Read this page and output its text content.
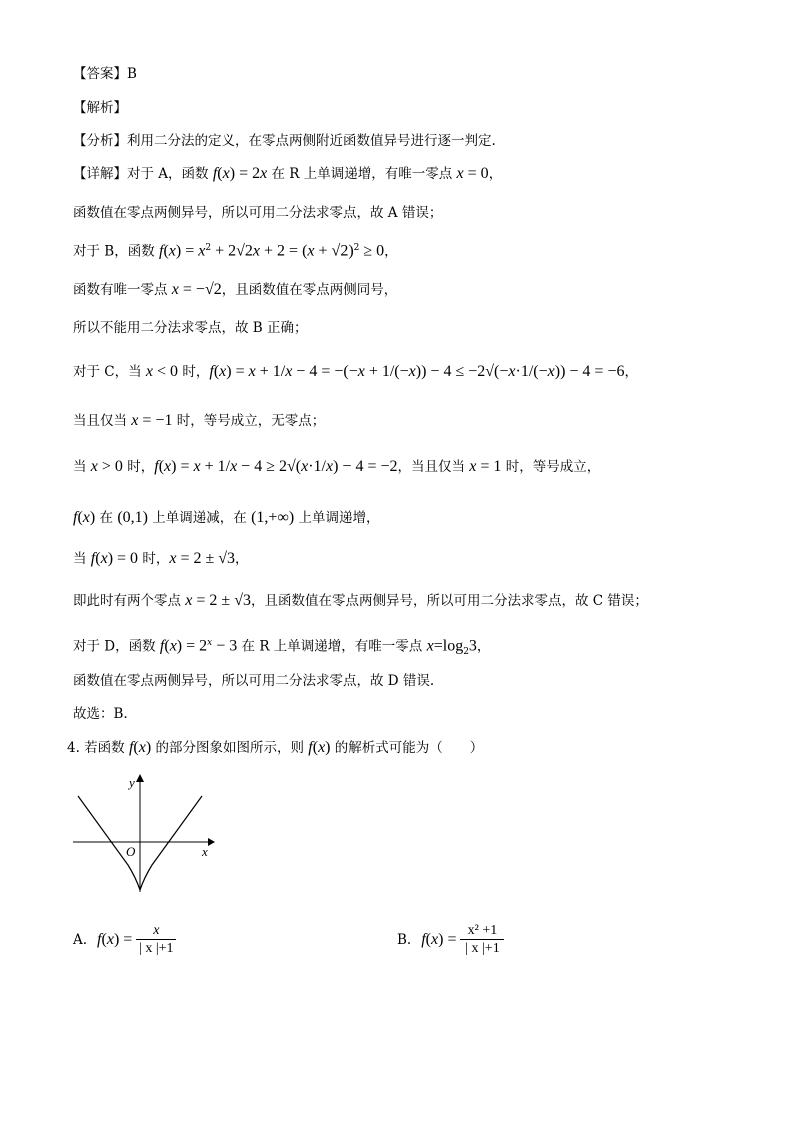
【答案】B
【解析】
【分析】利用二分法的定义，在零点两侧附近函数值异号进行逐一判定.
【详解】对于 A，函数 f(x) = 2x 在 R 上单调递增，有唯一零点 x = 0，
函数值在零点两侧异号，所以可用二分法求零点，故 A 错误；
对于 B，函数 $f(x) = x^2 + 2√2x + 2 = (x + √2)^2 \ge 0$，
函数有唯一零点 x = −√2，且函数值在零点两侧同号，
所以不能用二分法求零点，故 B 正确；
对于 C，当 x < 0 时，f(x) = x + 1/x − 4 = −(−x + 1/(−x)) − 4 ≤ −2√(−x·1/(−x)) − 4 = −6，
当且仅当 x = −1 时，等号成立，无零点；
当 x > 0 时，f(x) = x + 1/x − 4 ≥ 2√(x·1/x) − 4 = −2，当且仅当 x = 1 时，等号成立，
f(x) 在 (0,1) 上单调递减，在 (1,+∞) 上单调递增，
当 f(x) = 0 时，x = 2 ± √3，
即此时有两个零点 x = 2 ± √3，且函数值在零点两侧异号，所以可用二分法求零点，故 C 错误；
对于 D，函数 $f(x) = 2^x - 3$ 在 R 上单调递增，有唯一零点 $x=\log_23$，
函数值在零点两侧异号，所以可用二分法求零点，故 D 错误.
故选：B.
4. 若函数 f(x) 的部分图象如图所示，则 f(x) 的解析式可能为（　　）
y
x
O
A. f ( x ) = x
| x |+1
B. f ( x ) = x² +1
| x |+1
